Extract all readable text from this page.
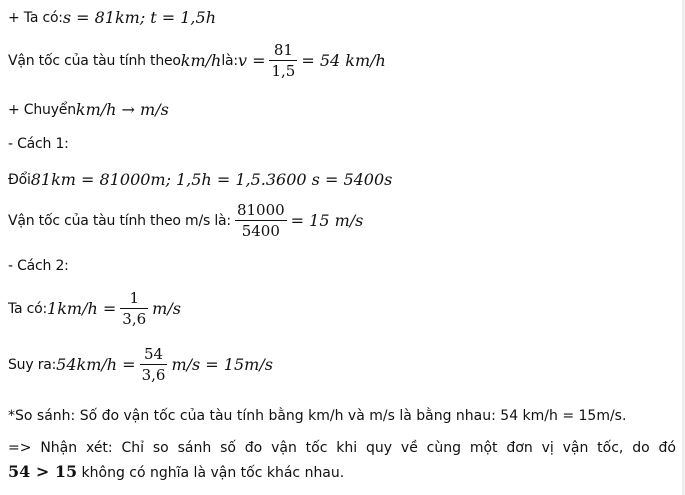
+ Ta có: s = 81km; t = 1,5h
Vận tốc của tàu tính theo km/h là: $v = \frac{81}{1,5} = 54$ km/h
+ Chuyển km/h → m/s
- Cách 1:
Đổi 81km = 81000m; 1,5h = 1,5.3600 s = 5400s
Vận tốc của tàu tính theo m/s là: $\frac{81000}{5400} = 15$ m/s
- Cách 2:
Ta có: $1km/h = \frac{1}{3,6} m/s$
Suy ra: $54km/h = \frac{54}{3,6} m/s = 15m/s$
*So sánh: Số đo vận tốc của tàu tính bằng km/h và m/s là bằng nhau: 54 km/h = 15m/s.
=> Nhận xét: Chỉ so sánh số đo vận tốc khi quy về cùng một đơn vị vận tốc, do đó
54 > 15 không có nghĩa là vận tốc khác nhau.
